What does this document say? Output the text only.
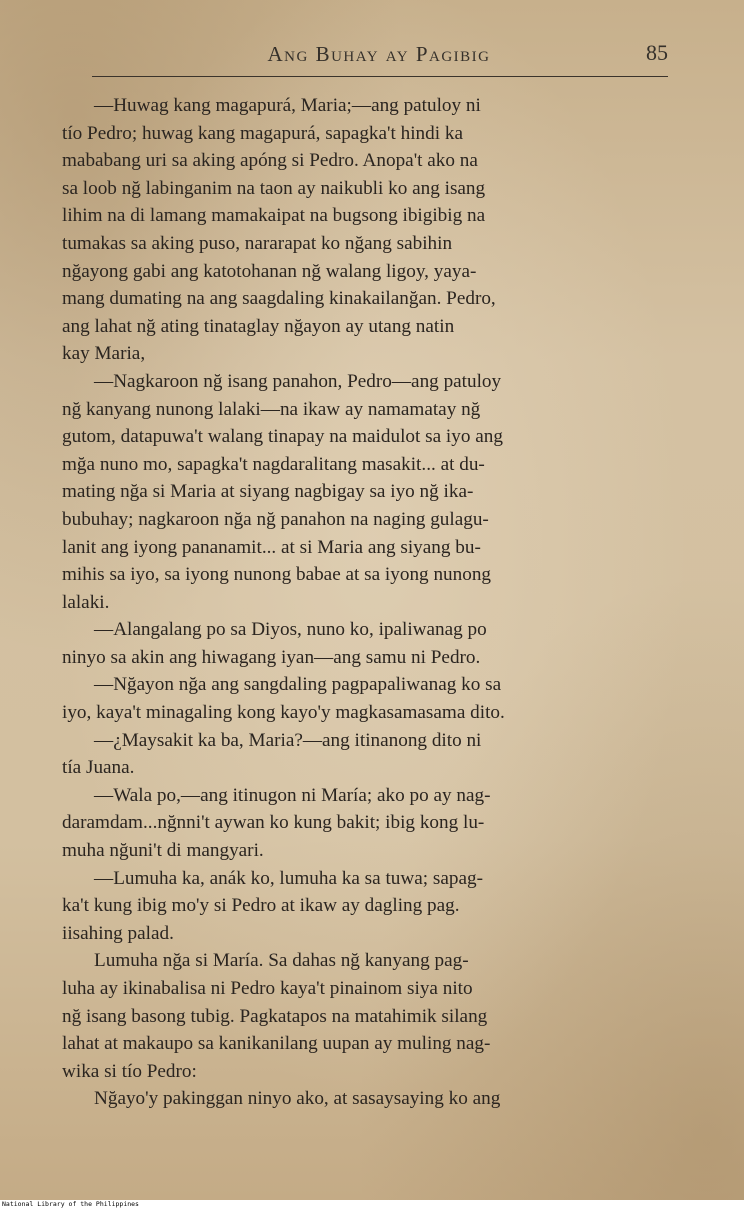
Ang Buhay ay Pagibig	85
—Huwag kang magapurá, Maria;—ang patuloy ni
tío Pedro; huwag kang magapurá, sapagka't hindi ka
mababang uri sa aking apóng si Pedro. Anopa't ako na
sa loob nğ labinganim na taon ay naikubli ko ang isang
lihim na di lamang mamakaipat na bugsong ibigibig na
tumakas sa aking puso, nararapat ko nğang sabihin
nğayong gabi ang katotohanan nğ walang ligoy, yaya-
mang dumating na ang saagdaling kinakailanğan. Pedro,
ang lahat nğ ating tinataglay nğayon ay utang natin
kay Maria,
—Nagkaroon nğ isang panahon, Pedro—ang patuloy
nğ kanyang nunong lalaki—na ikaw ay namamatay nğ
gutom, datapuwa't walang tinapay na maidulot sa iyo ang
mğa nuno mo, sapagka't nagdaralitang masakit... at du-
mating nğa si Maria at siyang nagbigay sa iyo nğ ika-
bubuhay; nagkaroon nğa nğ panahon na naging gulagu-
lanit ang iyong pananamit... at si Maria ang siyang bu-
mihis sa iyo, sa iyong nunong babae at sa iyong nunong
lalaki.
—Alangalang po sa Diyos, nuno ko, ipaliwanag po
ninyo sa akin ang hiwagang iyan—ang samu ni Pedro.
—Nğayon nğa ang sangdaling pagpapaliwanag ko sa
iyo, kaya't minagaling kong kayo'y magkasamasama dito.
—¿Maysakit ka ba, Maria?—ang itinanong dito ni
tía Juana.
—Wala po,—ang itinugon ni María; ako po ay nag-
daramdam...nğnni't aywan ko kung bakit; ibig kong lu-
muha nğuni't di mangyari.
—Lumuha ka, anák ko, lumuha ka sa tuwa; sapag-
ka't kung ibig mo'y si Pedro at ikaw ay dagling pag.
iisahing palad.
Lumuha nğa si María. Sa dahas nğ kanyang pag-
luha ay ikinabalisa ni Pedro kaya't pinainom siya nito
nğ isang basong tubig. Pagkatapos na matahimik silang
lahat at makaupo sa kanikanilang uupan ay muling nag-
wika si tío Pedro:
Nğayo'y pakinggan ninyo ako, at sasaysaying ko ang
National Library of the Philippines
